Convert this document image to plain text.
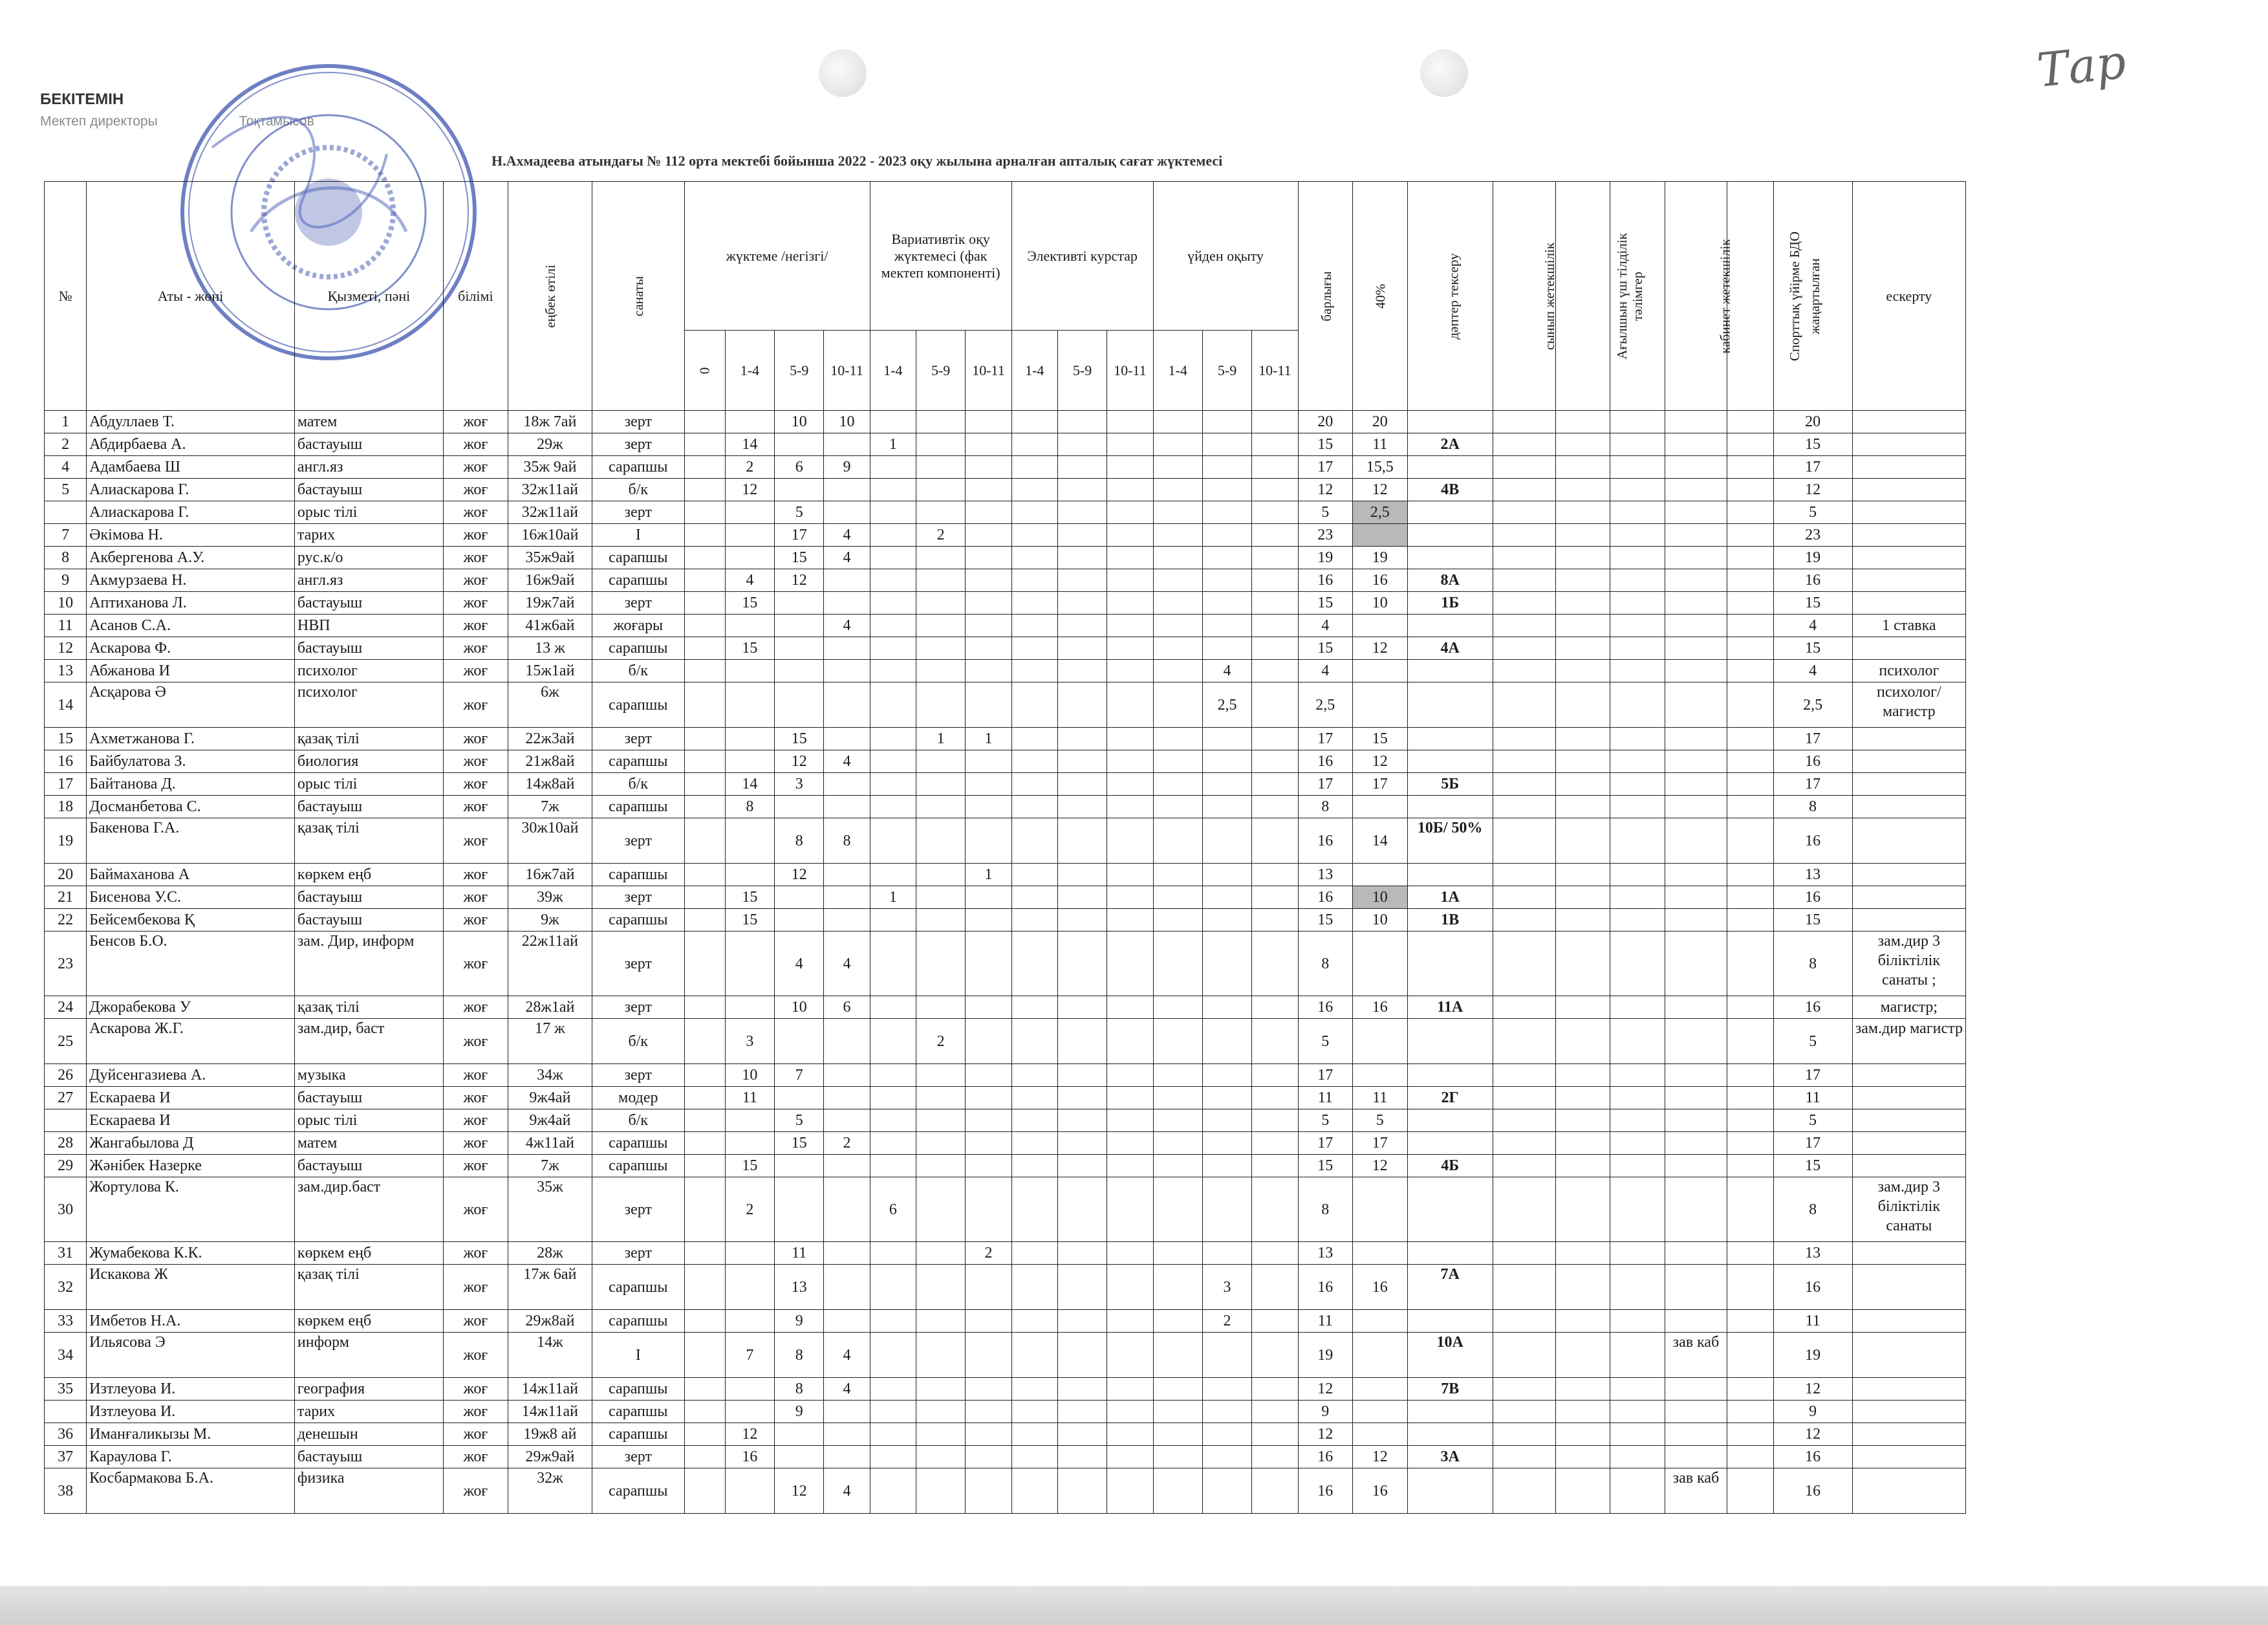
Тар
БЕКІТЕМІН
Мектеп директоры	Тоқтамысов
Н.Ахмадеева атындағы № 112 орта мектебі бойынша 2022 - 2023 оқу жылына арналған апталық сағат жүктемесі
№	Аты - жөні	Қызметі, пәні	білімі	еңбек өтілі	санаты	жүктеме /негізгі/				Вариативтік оқу жүктемесі (фак мектеп компоненті)			Элективті курстар			үйден оқыту			барлығы	40%	дәптер тексеру	сынып жетекшілік	Ағылшын үш тілділік	тәлімгер	кабинет жетекшілік	Спорттық үйірме БДО	жаңартылған	ескерту
						0	1-4	5-9	10-11	1-4	5-9	10-11	1-4	5-9	10-11	1-4	5-9	10-11										
1	Абдуллаев Т.	матем	жоғ	18ж 7ай	зерт			10	10										20	20							20	
2	Абдирбаева А.	бастауыш	жоғ	29ж	зерт		14			1									15	11	2А						15	
4	Адамбаева Ш	англ.яз	жоғ	35ж 9ай	сарапшы		2	6	9										17	15,5							17	
5	Алиаскарова Г.	бастауыш	жоғ	32ж11ай	б/к		12												12	12	4В						12	
	Алиаскарова Г.	орыс тілі	жоғ	32ж11ай	зерт			5											5	2,5							5	
7	Әкімова Н.	тарих	жоғ	16ж10ай	I			17	4		2								23								23	
8	Акбергенова А.У.	рус.к/о	жоғ	35ж9ай	сарапшы			15	4										19	19							19	
9	Акмурзаева Н.	англ.яз	жоғ	16ж9ай	сарапшы		4	12											16	16	8А						16	
10	Аптиханова Л.	бастауыш	жоғ	19ж7ай	зерт		15												15	10	1Б						15	
11	Асанов С.А.	НВП	жоғ	41ж6ай	жоғары				4										4								4	1 ставка
12	Аскарова Ф.	бастауыш	жоғ	13 ж	сарапшы		15												15	12	4А						15	
13	Абжанова И	психолог	жоғ	15ж1ай	б/к												4		4								4	психолог
14	Асқарова Ә	психолог	жоғ	6ж	сарапшы												2,5		2,5								2,5	психолог/ магистр
15	Ахметжанова Г.	қазақ тілі	жоғ	22ж3ай	зерт			15			1	1							17	15							17	
16	Байбулатова З.	биология	жоғ	21ж8ай	сарапшы			12	4										16	12							16	
17	Байтанова Д.	орыс тілі	жоғ	14ж8ай	б/к		14	3											17	17	5Б						17	
18	Досманбетова С.	бастауыш	жоғ	7ж	сарапшы		8												8								8	
19	Бакенова Г.А.	қазақ тілі	жоғ	30ж10ай	зерт			8	8										16	14	10Б/ 50%						16	
20	Баймаханова А	көркем еңб	жоғ	16ж7ай	сарапшы			12				1							13								13	
21	Бисенова У.С.	бастауыш	жоғ	39ж	зерт		15			1									16	10	1А						16	
22	Бейсембекова Қ	бастауыш	жоғ	9ж	сарапшы		15												15	10	1В						15	
23	Бенсов Б.О.	зам. Дир, информ	жоғ	22ж11ай	зерт			4	4										8								8	зам.дир 3 біліктілік санаты ;
24	Джорабекова У	қазақ тілі	жоғ	28ж1ай	зерт			10	6										16	16	11А						16	магистр;
25	Аскарова Ж.Г.	зам.дир, баст	жоғ	17 ж	б/к		3				2								5								5	зам.дир магистр
26	Дуйсенгазиева А.	музыка	жоғ	34ж	зерт		10	7											17								17	
27	Ескараева И	бастауыш	жоғ	9ж4ай	модер		11												11	11	2Г						11	
	Ескараева И	орыс тілі	жоғ	9ж4ай	б/к			5											5	5							5	
28	Жангабылова Д	матем	жоғ	4ж11ай	сарапшы			15	2										17	17							17	
29	Жәнібек Назерке	бастауыш	жоғ	7ж	сарапшы		15												15	12	4Б						15	
30	Жортулова К.	зам.дир.баст	жоғ	35ж	зерт		2			6									8								8	зам.дир 3 біліктілік санаты
31	Жумабекова К.К.	көркем еңб	жоғ	28ж	зерт			11				2							13								13	
32	Искакова Ж	қазақ тілі	жоғ	17ж 6ай	сарапшы			13									3		16	16	7А						16	
33	Имбетов Н.А.	көркем еңб	жоғ	29ж8ай	сарапшы			9									2		11								11	
34	Ильясова Э	информ	жоғ	14ж	I		7	8	4										19		10А				зав каб		19	
35	Изтлеуова И.	география	жоғ	14ж11ай	сарапшы			8	4										12		7В						12	
	Изтлеуова И.	тарих	жоғ	14ж11ай	сарапшы			9											9								9	
36	Иманғаликызы М.	денешын	жоғ	19ж8 ай	сарапшы		12												12								12	
37	Караулова Г.	бастауыш	жоғ	29ж9ай	зерт		16												16	12	3А						16	
38	Косбармакова Б.А.	физика	жоғ	32ж	сарапшы			12	4										16	16					зав каб		16	
